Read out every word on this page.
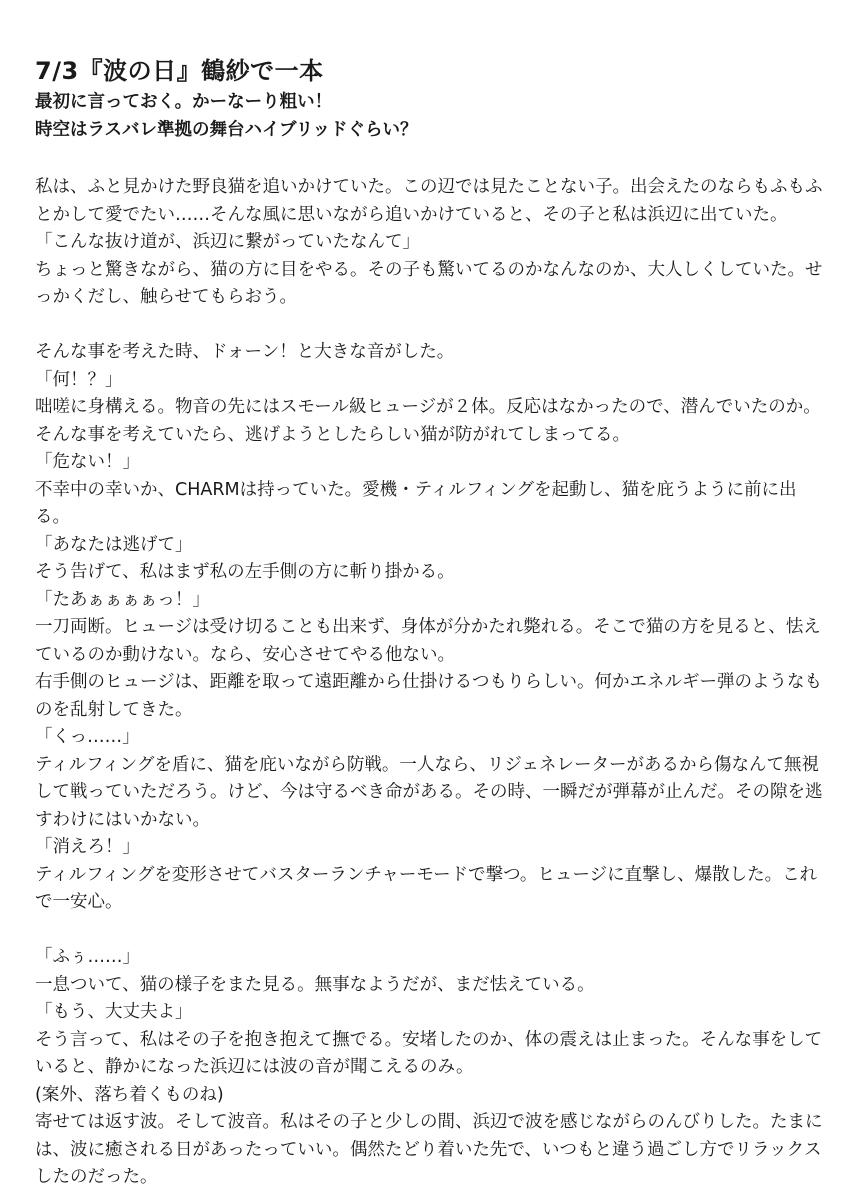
7/3『波の日』鶴紗で一本

最初に言っておく。かーなーり粗い！

時空はラスバレ準拠の舞台ハイブリッドぐらい？

私は、ふと見かけた野良猫を追いかけていた。この辺では見たことない子。出会えたのならもふもふとかして愛でたい……そんな風に思いながら追いかけていると、その子と私は浜辺に出ていた。

「こんな抜け道が、浜辺に繋がっていたなんて」

ちょっと驚きながら、猫の方に目をやる。その子も驚いてるのかなんなのか、大人しくしていた。せっかくだし、触らせてもらおう。

そんな事を考えた時、ドォーン！と大きな音がした。

「何！？」

咄嗟に身構える。物音の先にはスモール級ヒュージが２体。反応はなかったので、潜んでいたのか。そんな事を考えていたら、逃げようとしたらしい猫が防がれてしまってる。

「危ない！」

不幸中の幸いか、CHARMは持っていた。愛機・ティルフィングを起動し、猫を庇うように前に出る。

「あなたは逃げて」

そう告げて、私はまず私の左手側の方に斬り掛かる。

「たあぁぁぁぁっ！」

一刀両断。ヒュージは受け切ることも出来ず、身体が分かたれ斃れる。そこで猫の方を見ると、怯えているのか動けない。なら、安心させてやる他ない。

右手側のヒュージは、距離を取って遠距離から仕掛けるつもりらしい。何かエネルギー弾のようなものを乱射してきた。

「くっ……」

ティルフィングを盾に、猫を庇いながら防戦。一人なら、リジェネレーターがあるから傷なんて無視して戦っていただろう。けど、今は守るべき命がある。その時、一瞬だが弾幕が止んだ。その隙を逃すわけにはいかない。

「消えろ！」

ティルフィングを変形させてバスターランチャーモードで撃つ。ヒュージに直撃し、爆散した。これで一安心。

「ふぅ……」

一息ついて、猫の様子をまた見る。無事なようだが、まだ怯えている。

「もう、大丈夫よ」

そう言って、私はその子を抱き抱えて撫でる。安堵したのか、体の震えは止まった。そんな事をしていると、静かになった浜辺には波の音が聞こえるのみ。

(案外、落ち着くものね)

寄せては返す波。そして波音。私はその子と少しの間、浜辺で波を感じながらのんびりした。たまには、波に癒される日があったっていい。偶然たどり着いた先で、いつもと違う過ごし方でリラックスしたのだった。
